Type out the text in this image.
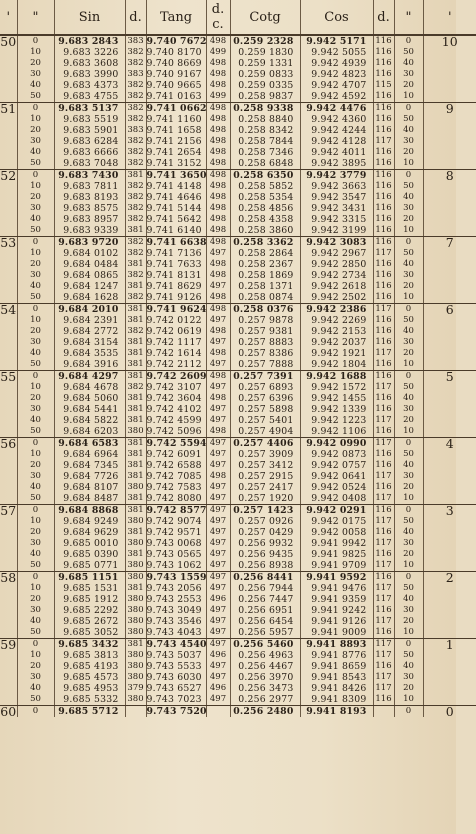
'	"	Sin	d.	Tang	d. c.	Cotg	Cos	d.	"	'
50	0	9.683 2843	383	9.740 7672	498	0.259 2328	9.942 5171	116	0	10
	10	9.683 3226	382	9.740 8170	499	0.259 1830	9.942 5055	116	50	
	20	9.683 3608	382	9.740 8669	498	0.259 1331	9.942 4939	116	40	
	30	9.683 3990	383	9.740 9167	498	0.259 0833	9.942 4823	116	30	
	40	9.683 4373	382	9.740 9665	498	0.259 0335	9.942 4707	115	20	
	50	9.683 4755	382	9.741 0163	499	0.258 9837	9.942 4592	116	10	
51	0	9.683 5137	382	9.741 0662	498	0.258 9338	9.942 4476	116	0	9
	10	9.683 5519	382	9.741 1160	498	0.258 8840	9.942 4360	116	50	
	20	9.683 5901	383	9.741 1658	498	0.258 8342	9.942 4244	116	40	
	30	9.683 6284	382	9.741 2156	498	0.258 7844	9.942 4128	117	30	
	40	9.683 6666	382	9.741 2654	498	0.258 7346	9.942 4011	116	20	
	50	9.683 7048	382	9.741 3152	498	0.258 6848	9.942 3895	116	10	
52	0	9.683 7430	381	9.741 3650	498	0.258 6350	9.942 3779	116	0	8
	10	9.683 7811	382	9.741 4148	498	0.258 5852	9.942 3663	116	50	
	20	9.683 8193	382	9.741 4646	498	0.258 5354	9.942 3547	116	40	
	30	9.683 8575	382	9.741 5144	498	0.258 4856	9.942 3431	116	30	
	40	9.683 8957	382	9.741 5642	498	0.258 4358	9.942 3315	116	20	
	50	9.683 9339	381	9.741 6140	498	0.258 3860	9.942 3199	116	10	
53	0	9.683 9720	382	9.741 6638	498	0.258 3362	9.942 3083	116	0	7
	10	9.684 0102	382	9.741 7136	497	0.258 2864	9.942 2967	117	50	
	20	9.684 0484	381	9.741 7633	498	0.258 2367	9.942 2850	116	40	
	30	9.684 0865	382	9.741 8131	498	0.258 1869	9.942 2734	116	30	
	40	9.684 1247	381	9.741 8629	497	0.258 1371	9.942 2618	116	20	
	50	9.684 1628	382	9.741 9126	498	0.258 0874	9.942 2502	116	10	
54	0	9.684 2010	381	9.741 9624	498	0.258 0376	9.942 2386	117	0	6
	10	9.684 2391	381	9.742 0122	497	0.257 9878	9.942 2269	116	50	
	20	9.684 2772	382	9.742 0619	498	0.257 9381	9.942 2153	116	40	
	30	9.684 3154	381	9.742 1117	497	0.257 8883	9.942 2037	116	30	
	40	9.684 3535	381	9.742 1614	498	0.257 8386	9.942 1921	117	20	
	50	9.684 3916	381	9.742 2112	497	0.257 7888	9.942 1804	116	10	
55	0	9.684 4297	381	9.742 2609	498	0.257 7391	9.942 1688	116	0	5
	10	9.684 4678	382	9.742 3107	497	0.257 6893	9.942 1572	117	50	
	20	9.684 5060	381	9.742 3604	498	0.257 6396	9.942 1455	116	40	
	30	9.684 5441	381	9.742 4102	497	0.257 5898	9.942 1339	116	30	
	40	9.684 5822	381	9.742 4599	497	0.257 5401	9.942 1223	117	20	
	50	9.684 6203	380	9.742 5096	498	0.257 4904	9.942 1106	116	10	
56	0	9.684 6583	381	9.742 5594	497	0.257 4406	9.942 0990	117	0	4
	10	9.684 6964	381	9.742 6091	497	0.257 3909	9.942 0873	116	50	
	20	9.684 7345	381	9.742 6588	497	0.257 3412	9.942 0757	116	40	
	30	9.684 7726	381	9.742 7085	498	0.257 2915	9.942 0641	117	30	
	40	9.684 8107	380	9.742 7583	497	0.257 2417	9.942 0524	116	20	
	50	9.684 8487	381	9.742 8080	497	0.257 1920	9.942 0408	117	10	
57	0	9.684 8868	381	9.742 8577	497	0.257 1423	9.942 0291	116	0	3
	10	9.684 9249	380	9.742 9074	497	0.257 0926	9.942 0175	117	50	
	20	9.684 9629	381	9.742 9571	497	0.257 0429	9.942 0058	116	40	
	30	9.685 0010	380	9.743 0068	497	0.256 9932	9.941 9942	117	30	
	40	9.685 0390	381	9.743 0565	497	0.256 9435	9.941 9825	116	20	
	50	9.685 0771	380	9.743 1062	497	0.256 8938	9.941 9709	117	10	
58	0	9.685 1151	380	9.743 1559	497	0.256 8441	9.941 9592	116	0	2
	10	9.685 1531	381	9.743 2056	497	0.256 7944	9.941 9476	117	50	
	20	9.685 1912	380	9.743 2553	496	0.256 7447	9.941 9359	117	40	
	30	9.685 2292	380	9.743 3049	497	0.256 6951	9.941 9242	116	30	
	40	9.685 2672	380	9.743 3546	497	0.256 6454	9.941 9126	117	20	
	50	9.685 3052	380	9.743 4043	497	0.256 5957	9.941 9009	116	10	
59	0	9.685 3432	381	9.743 4540	497	0.256 5460	9.941 8893	117	0	1
	10	9.685 3813	380	9.743 5037	496	0.256 4963	9.941 8776	117	50	
	20	9.685 4193	380	9.743 5533	497	0.256 4467	9.941 8659	116	40	
	30	9.685 4573	380	9.743 6030	497	0.256 3970	9.941 8543	117	30	
	40	9.685 4953	379	9.743 6527	496	0.256 3473	9.941 8426	117	20	
	50	9.685 5332	380	9.743 7023	497	0.256 2977	9.941 8309	116	10	
60	0	9.685 5712		9.743 7520		0.256 2480	9.941 8193		0	0
